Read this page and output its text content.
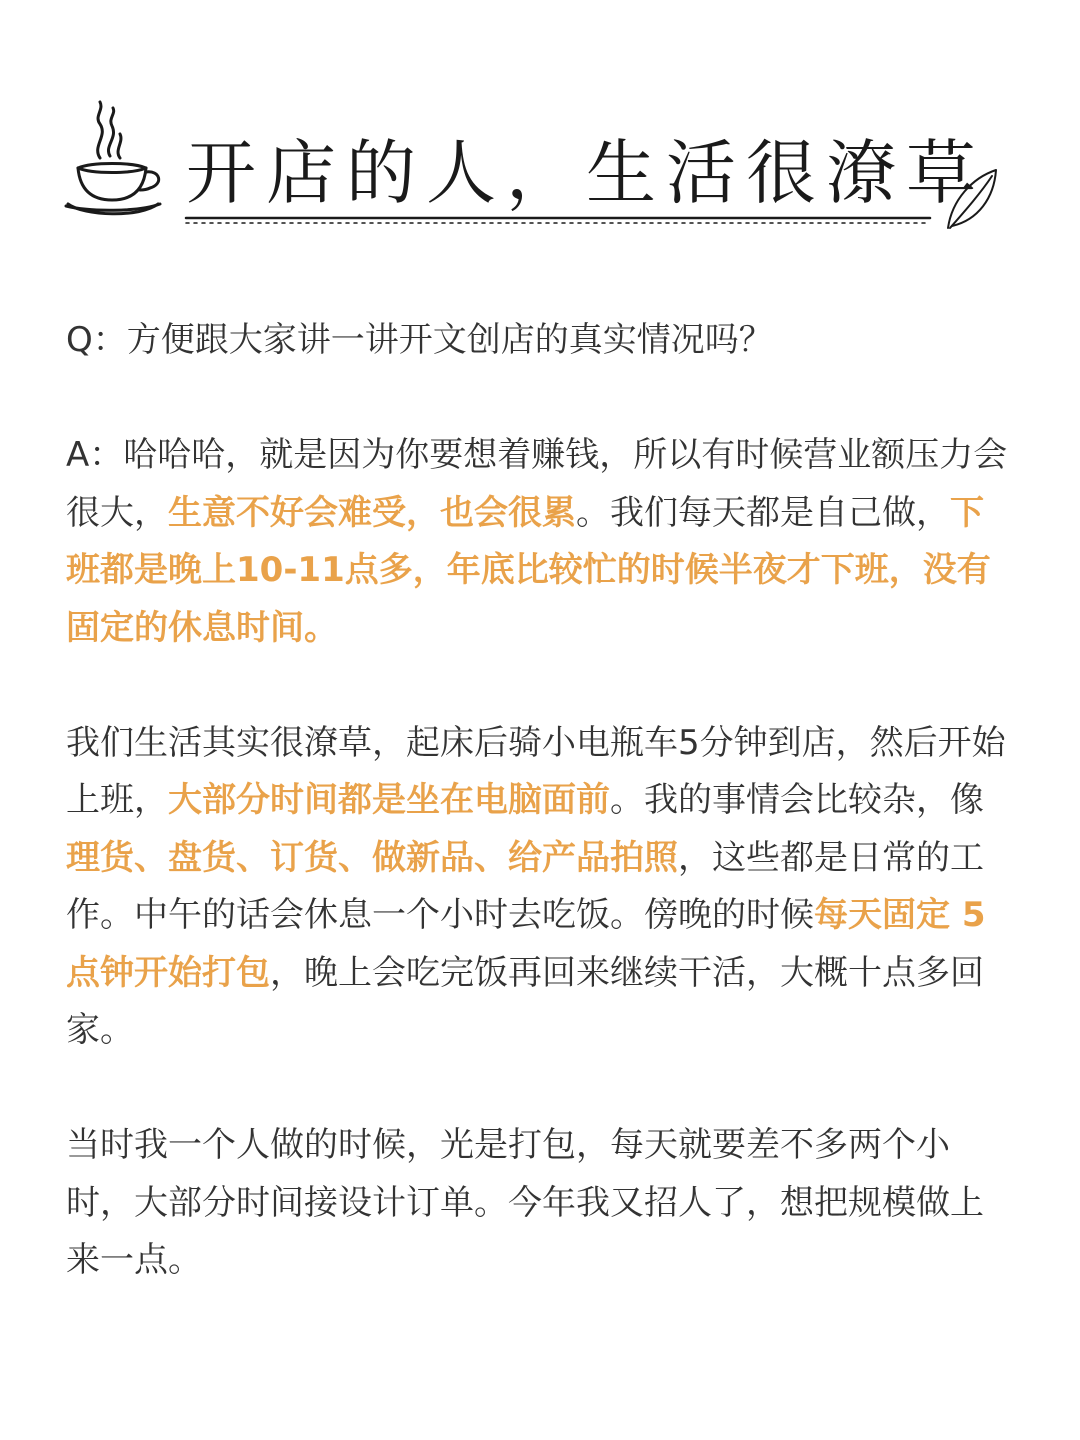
开店的人，生活很潦草

Q：方便跟大家讲一讲开文创店的真实情况吗？

A：哈哈哈，就是因为你要想着赚钱，所以有时候营业额压力会很大，生意不好会难受，也会很累。我们每天都是自己做，下班都是晚上10-11点多，年底比较忙的时候半夜才下班，没有固定的休息时间。

我们生活其实很潦草，起床后骑小电瓶车5分钟到店，然后开始上班，大部分时间都是坐在电脑面前。我的事情会比较杂，像理货、盘货、订货、做新品、给产品拍照，这些都是日常的工作。中午的话会休息一个小时去吃饭。傍晚的时候每天固定 5 点钟开始打包，晚上会吃完饭再回来继续干活，大概十点多回家。

当时我一个人做的时候，光是打包，每天就要差不多两个小时，大部分时间接设计订单。今年我又招人了，想把规模做上来一点。
